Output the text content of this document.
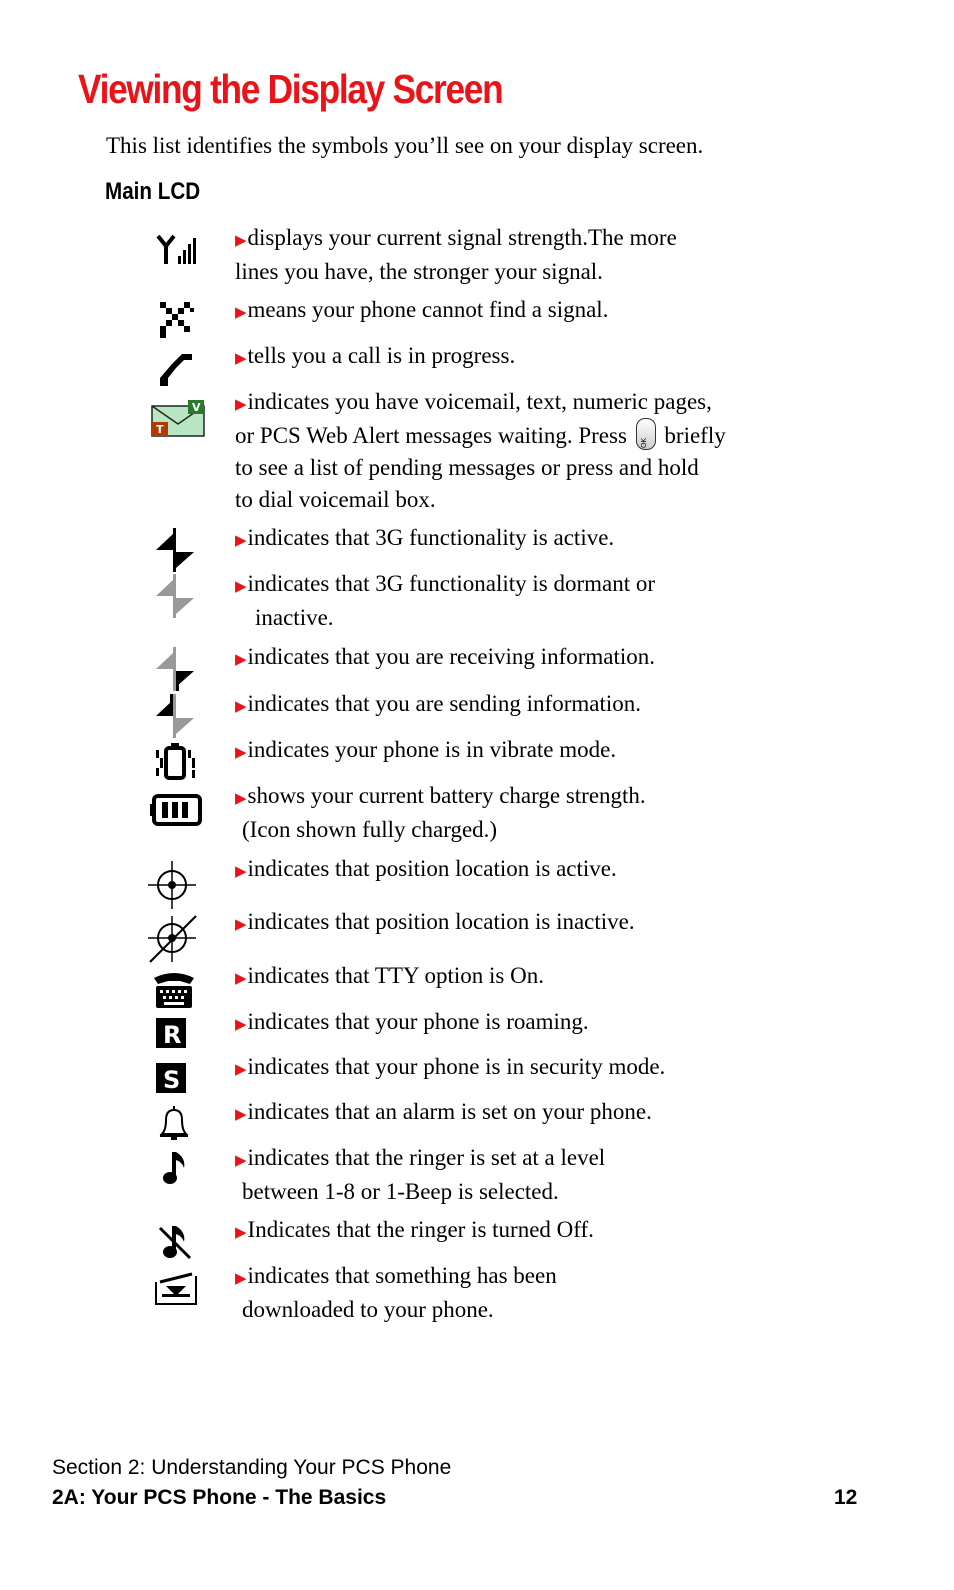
Viewing the Display Screen
This list identifies the symbols you’ll see on your display screen.
Main LCD
▶displays your current signal strength.The more
lines you have, the stronger your signal.
▶means your phone cannot find a signal.
▶tells you a call is in progress.
V
T
▶indicates you have voicemail, text, numeric pages,
or PCS Web Alert messages waiting. Press	OK briefly
to see a list of pending messages or press and hold
to dial voicemail box.
▶indicates that 3G functionality is active.
▶indicates that 3G functionality is dormant or
inactive.
▶indicates that you are receiving information.
▶indicates that you are sending information.
▶indicates your phone is in vibrate mode.
▶shows your current battery charge strength.
(Icon shown fully charged.)
▶indicates that position location is active.
▶indicates that position location is inactive.
▶indicates that TTY option is On.
R	▶indicates that your phone is roaming.
S	▶indicates that your phone is in security mode.
▶indicates that an alarm is set on your phone.
▶indicates that the ringer is set at a level
between 1-8 or 1-Beep is selected.
▶Indicates that the ringer is turned Off.
▶indicates that something has been
downloaded to your phone.
Section 2: Understanding Your PCS Phone
2A: Your PCS Phone - The Basics	12
